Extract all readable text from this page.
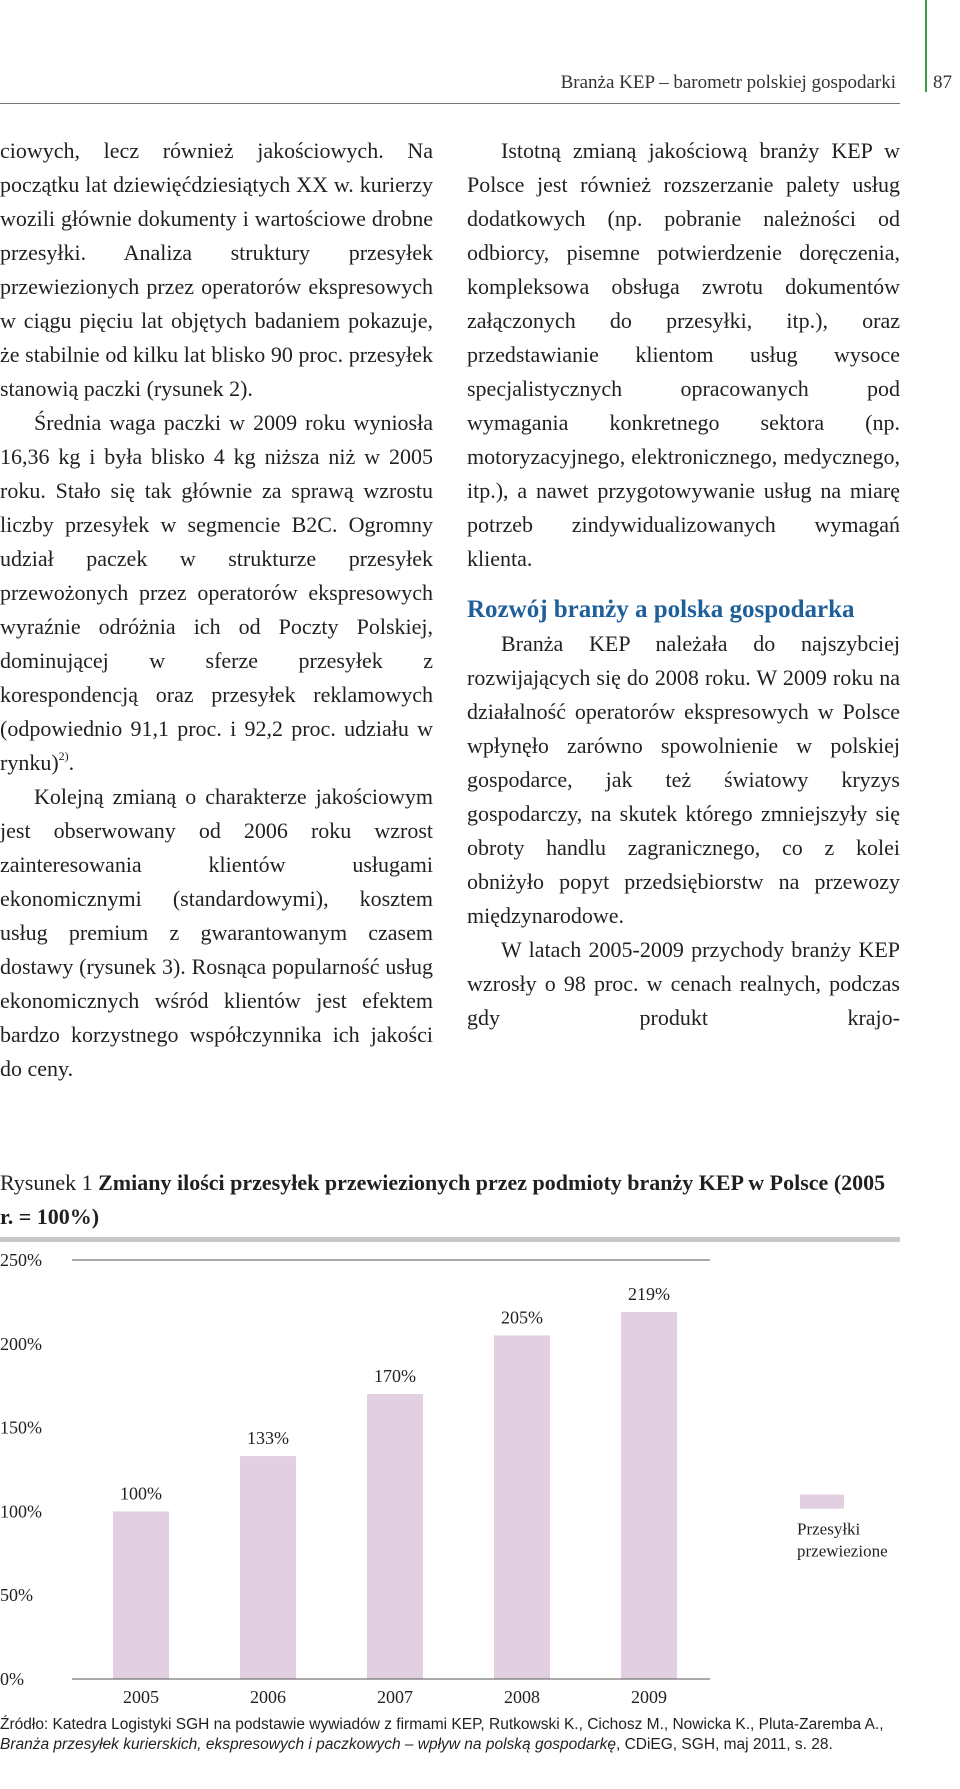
Branża KEP – barometr polskiej gospodarki 87

ciowych, lecz również jakościowych. Na początku lat dziewięćdziesiątych XX w. kurierzy wozili głównie dokumenty i wartościowe drobne przesyłki. Analiza struktury przesyłek przewiezionych przez operatorów ekspresowych w ciągu pięciu lat objętych badaniem pokazuje, że stabilnie od kilku lat blisko 90 proc. przesyłek stanowią paczki (rysunek 2).

Średnia waga paczki w 2009 roku wyniosła 16,36 kg i była blisko 4 kg niższa niż w 2005 roku. Stało się tak głównie za sprawą wzrostu liczby przesyłek w segmencie B2C. Ogromny udział paczek w strukturze przesyłek przewożonych przez operatorów ekspresowych wyraźnie odróżnia ich od Poczty Polskiej, dominującej w sferze przesyłek z korespondencją oraz przesyłek reklamowych (odpowiednio 91,1 proc. i 92,2 proc. udziału w rynku)$^{2)}$.

Kolejną zmianą o charakterze jakościowym jest obserwowany od 2006 roku wzrost zainteresowania klientów usługami ekonomicznymi (standardowymi), kosztem usług premium z gwarantowanym czasem dostawy (rysunek 3). Rosnąca popularność usług ekonomicznych wśród klientów jest efektem bardzo korzystnego współczynnika ich jakości do ceny.

Istotną zmianą jakościową branży KEP w Polsce jest również rozszerzanie palety usług dodatkowych (np. pobranie należności od odbiorcy, pisemne potwierdzenie doręczenia, kompleksowa obsługa zwrotu dokumentów załączonych do przesyłki, itp.), oraz przedstawianie klientom usług wysoce specjalistycznych opracowanych pod wymagania konkretnego sektora (np. motoryzacyjnego, elektronicznego, medycznego, itp.), a nawet przygotowywanie usług na miarę potrzeb zindywidualizowanych wymagań klienta.

Rozwój branży a polska gospodarka

Branża KEP należała do najszybciej rozwijających się do 2008 roku. W 2009 roku na działalność operatorów ekspresowych w Polsce wpłynęło zarówno spowolnienie w polskiej gospodarce, jak też światowy kryzys gospodarczy, na skutek którego zmniejszyły się obroty handlu zagranicznego, co z kolei obniżyło popyt przedsiębiorstw na przewozy międzynarodowe.

W latach 2005-2009 przychody branży KEP wzrosły o 98 proc. w cenach realnych, podczas gdy produkt krajo-

Rysunek 1 Zmiany ilości przesyłek przewiezionych przez podmioty branży KEP w Polsce (2005 r. = 100%)
0%
50%
100%
150%
200%
250%
100%
2005
133%
2006
170%
2007
205%
2008
219%
2009
Przesyłki
przewiezione
Źródło: Katedra Logistyki SGH na podstawie wywiadów z firmami KEP, Rutkowski K., Cichosz M., Nowicka K., Pluta-Zaremba A., Branża przesyłek kurierskich, ekspresowych i paczkowych – wpływ na polską gospodarkę, CDiEG, SGH, maj 2011, s. 28.
